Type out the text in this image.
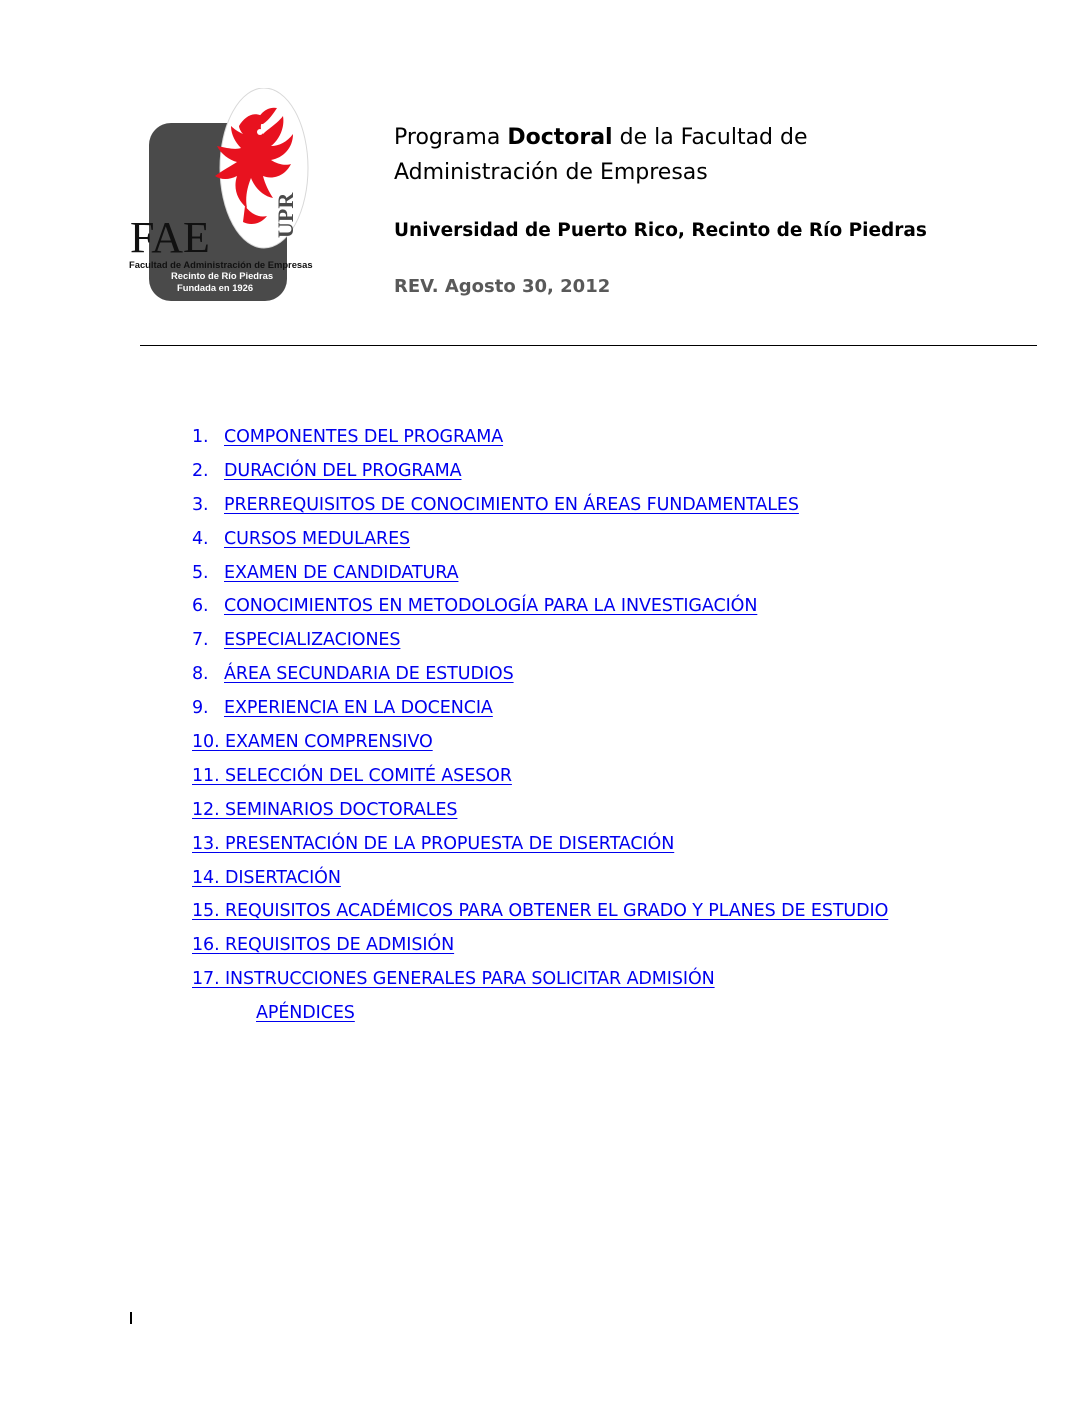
UPR
FAE
Facultad de Administración de Empresas
Recinto de Río Piedras
Fundada en 1926
Programa Doctoral de la Facultad de
Administración de Empresas

Universidad de Puerto Rico, Recinto de Río Piedras

REV. Agosto 30, 2012

1. COMPONENTES DEL PROGRAMA
2. DURACIÓN DEL PROGRAMA
3. PRERREQUISITOS DE CONOCIMIENTO EN ÁREAS FUNDAMENTALES
4. CURSOS MEDULARES
5. EXAMEN DE CANDIDATURA
6. CONOCIMIENTOS EN METODOLOGÍA PARA LA INVESTIGACIÓN
7. ESPECIALIZACIONES
8. ÁREA SECUNDARIA DE ESTUDIOS
9. EXPERIENCIA EN LA DOCENCIA
10. EXAMEN COMPRENSIVO
11. SELECCIÓN DEL COMITÉ ASESOR
12. SEMINARIOS DOCTORALES
13. PRESENTACIÓN DE LA PROPUESTA DE DISERTACIÓN
14. DISERTACIÓN
15. REQUISITOS ACADÉMICOS PARA OBTENER EL GRADO Y PLANES DE ESTUDIO
16. REQUISITOS DE ADMISIÓN
17. INSTRUCCIONES GENERALES PARA SOLICITAR ADMISIÓN
APÉNDICES
